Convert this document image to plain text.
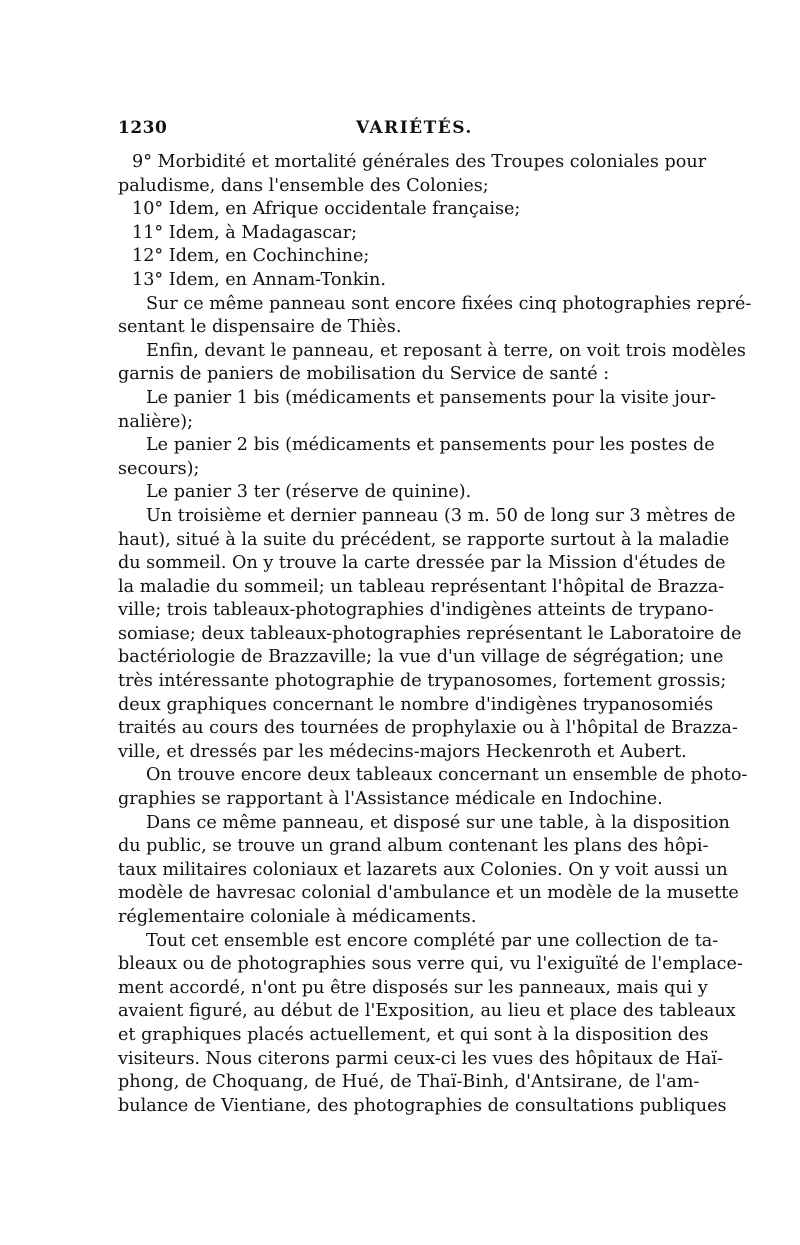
1230	VARIÉTÉS.
9° Morbidité et mortalité générales des Troupes coloniales pour
paludisme, dans l'ensemble des Colonies;
10° Idem, en Afrique occidentale française;
11° Idem, à Madagascar;
12° Idem, en Cochinchine;
13° Idem, en Annam-Tonkin.
Sur ce même panneau sont encore fixées cinq photographies repré-
sentant le dispensaire de Thiès.
Enfin, devant le panneau, et reposant à terre, on voit trois modèles
garnis de paniers de mobilisation du Service de santé :
Le panier 1 bis (médicaments et pansements pour la visite jour-
nalière);
Le panier 2 bis (médicaments et pansements pour les postes de
secours);
Le panier 3 ter (réserve de quinine).
Un troisième et dernier panneau (3 m. 50 de long sur 3 mètres de
haut), situé à la suite du précédent, se rapporte surtout à la maladie
du sommeil. On y trouve la carte dressée par la Mission d'études de
la maladie du sommeil; un tableau représentant l'hôpital de Brazza-
ville; trois tableaux-photographies d'indigènes atteints de trypano-
somiase; deux tableaux-photographies représentant le Laboratoire de
bactériologie de Brazzaville; la vue d'un village de ségrégation; une
très intéressante photographie de trypanosomes, fortement grossis;
deux graphiques concernant le nombre d'indigènes trypanosomiés
traités au cours des tournées de prophylaxie ou à l'hôpital de Brazza-
ville, et dressés par les médecins-majors Heckenroth et Aubert.
On trouve encore deux tableaux concernant un ensemble de photo-
graphies se rapportant à l'Assistance médicale en Indochine.
Dans ce même panneau, et disposé sur une table, à la disposition
du public, se trouve un grand album contenant les plans des hôpi-
taux militaires coloniaux et lazarets aux Colonies. On y voit aussi un
modèle de havresac colonial d'ambulance et un modèle de la musette
réglementaire coloniale à médicaments.
Tout cet ensemble est encore complété par une collection de ta-
bleaux ou de photographies sous verre qui, vu l'exiguïté de l'emplace-
ment accordé, n'ont pu être disposés sur les panneaux, mais qui y
avaient figuré, au début de l'Exposition, au lieu et place des tableaux
et graphiques placés actuellement, et qui sont à la disposition des
visiteurs. Nous citerons parmi ceux-ci les vues des hôpitaux de Haï-
phong, de Choquang, de Hué, de Thaï-Binh, d'Antsirane, de l'am-
bulance de Vientiane, des photographies de consultations publiques
